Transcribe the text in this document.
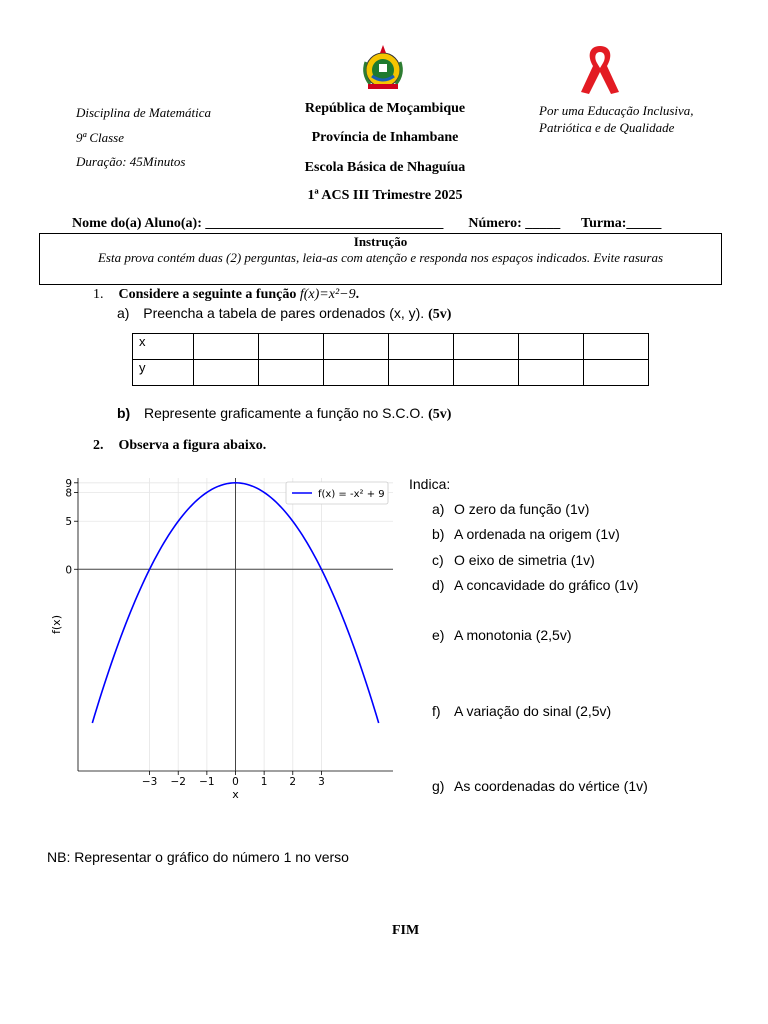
Disciplina de Matemática
9ª Classe
Duração: 45Minutos
República de Moçambique
Província de Inhambane
Escola Básica de Nhaguíua
1ª ACS III Trimestre 2025
Por uma Educação Inclusiva, Patriótica e de Qualidade
Nome do(a) Aluno(a): __________________________________ Número: _____ Turma:_____
Instrução
Esta prova contém duas (2) perguntas, leia-as com atenção e responda nos espaços indicados. Evite rasuras
1. Considere a seguinte a função f(x)=x²−9.
a) Preencha a tabela de pares ordenados (x, y). (5v)
x							
y							
b) Represente graficamente a função no S.C.O. (5v)
2. Observa a figura abaixo.
−3 −2 −1 0 1 2 3
9
8
5
0
f(x) = -x² + 9
x
f(x)
Indica:
a) O zero da função (1v)
b) A ordenada na origem (1v)
c) O eixo de simetria (1v)
d) A concavidade do gráfico (1v)
e) A monotonia (2,5v)
f) A variação do sinal (2,5v)
g) As coordenadas do vértice (1v)
NB: Representar o gráfico do número 1 no verso
FIM
